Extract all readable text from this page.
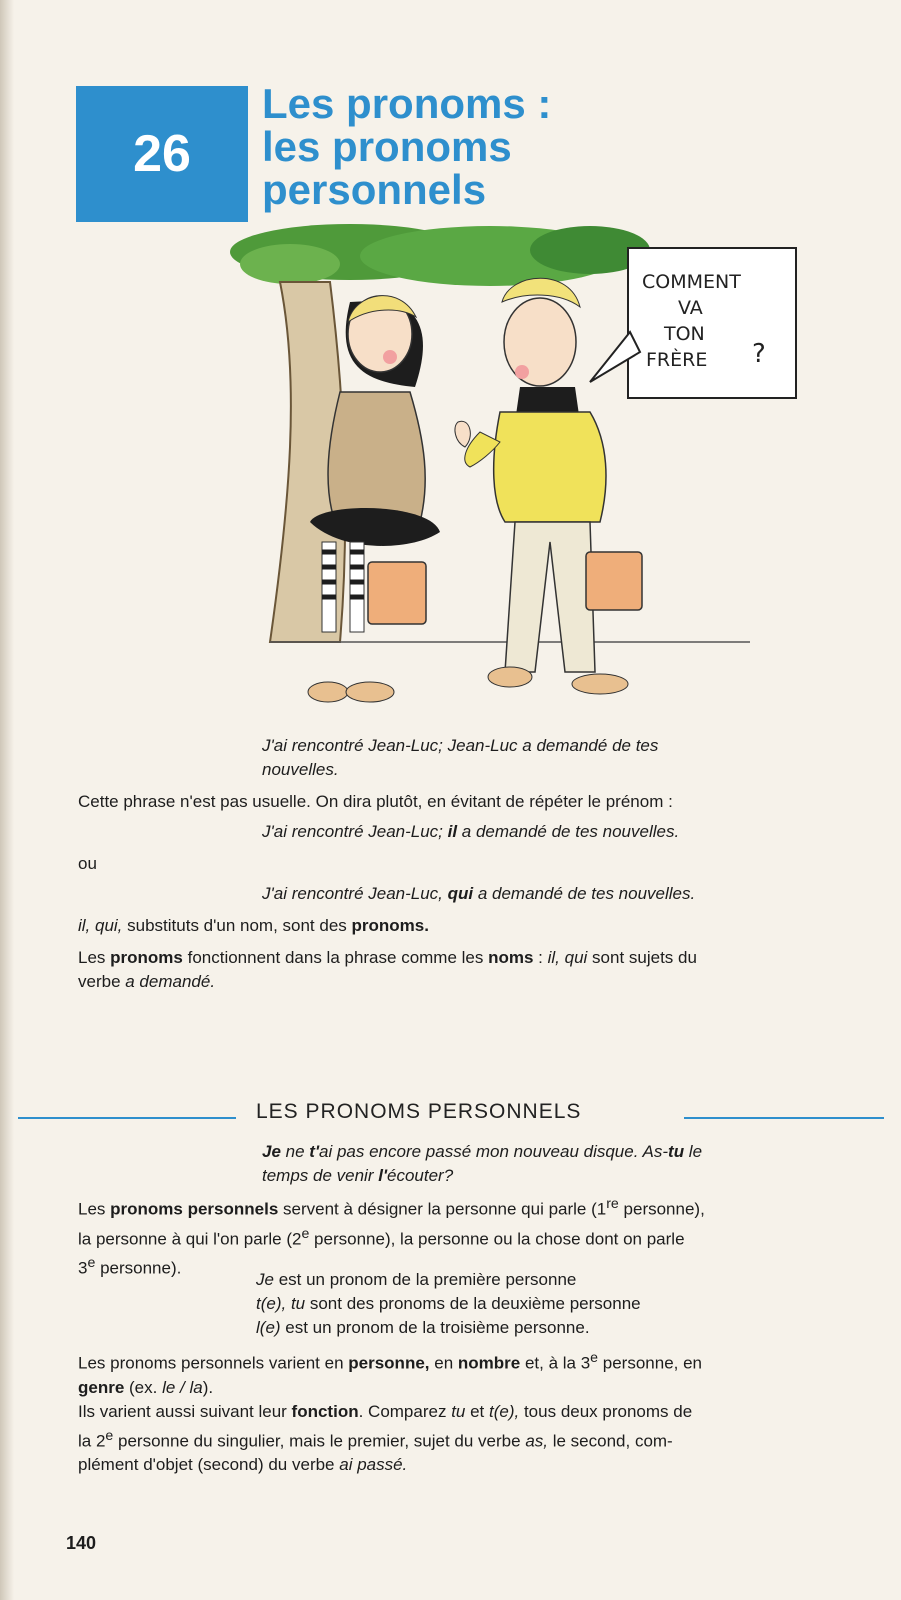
26
Les pronoms :
les pronoms
personnels
COMMENT
VA
TON
FRÈRE ?

J'ai rencontré Jean-Luc; Jean-Luc a demandé de tes

nouvelles.

Cette phrase n'est pas usuelle. On dira plutôt, en évitant de répéter le prénom :

J'ai rencontré Jean-Luc; il a demandé de tes nouvelles.

ou

J'ai rencontré Jean-Luc, qui a demandé de tes nouvelles.

il, qui, substituts d'un nom, sont des pronoms.

Les pronoms fonctionnent dans la phrase comme les noms : il, qui sont sujets du
verbe a demandé.

LES PRONOMS PERSONNELS

Je ne t'ai pas encore passé mon nouveau disque. As-tu le
temps de venir l'écouter?

Les pronoms personnels servent à désigner la personne qui parle (1re personne),
la personne à qui l'on parle (2e personne), la personne ou la chose dont on parle
3e personne).

Je est un pronom de la première personne
t(e), tu sont des pronoms de la deuxième personne
l(e) est un pronom de la troisième personne.

Les pronoms personnels varient en personne, en nombre et, à la 3e personne, en
genre (ex. le / la).
Ils varient aussi suivant leur fonction. Comparez tu et t(e), tous deux pronoms de
la 2e personne du singulier, mais le premier, sujet du verbe as, le second, com-
plément d'objet (second) du verbe ai passé.

140
